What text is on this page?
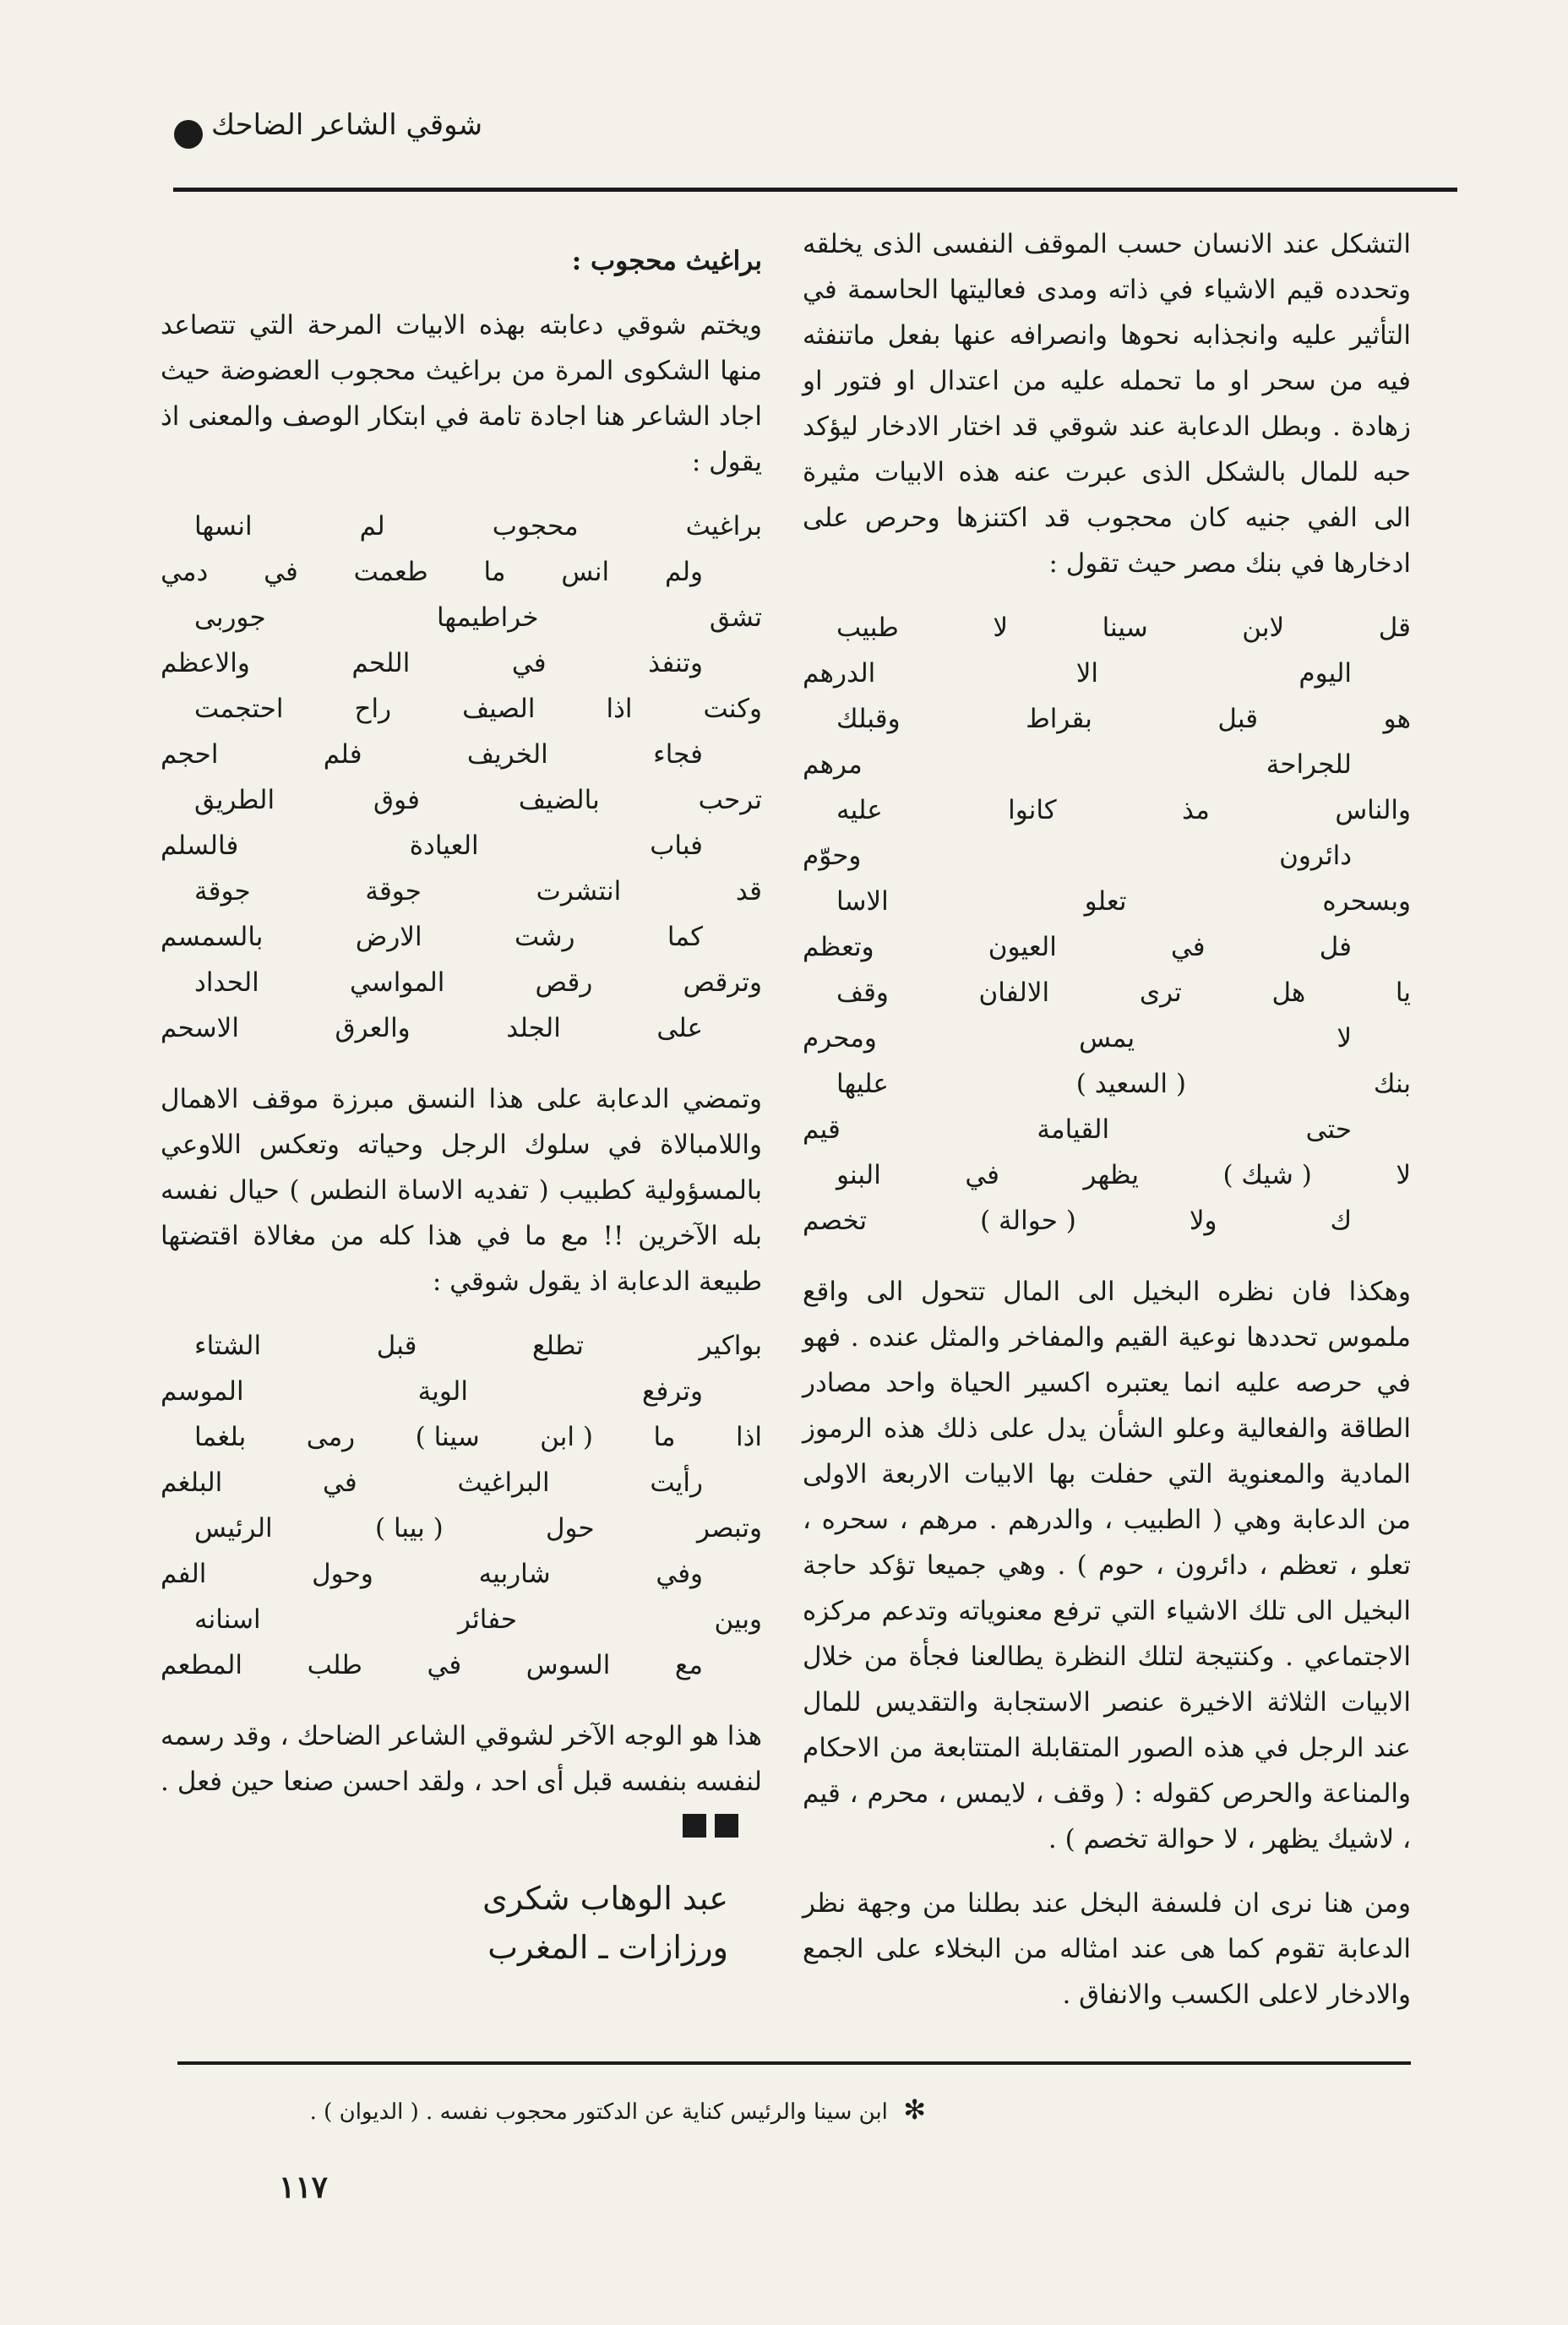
شوقي الشاعر الضاحك

التشكل عند الانسان حسب الموقف النفسى الذى يخلقه وتحدده قيم الاشياء في ذاته ومدى فعاليتها الحاسمة في التأثير عليه وانجذابه نحوها وانصرافه عنها بفعل ماتنفثه فيه من سحر او ما تحمله عليه من اعتدال او فتور او زهادة . وبطل الدعابة عند شوقي قد اختار الادخار ليؤكد حبه للمال بالشكل الذى عبرت عنه هذه الابيات مثيرة الى الفي جنيه كان محجوب قد اكتنزها وحرص على ادخارها في بنك مصر حيث تقول :

قل
لابن
سينا
لا
طبيب
اليوم
الا
الدرهم
هو
قبل
بقراط
وقبلك
للجراحة
مرهم
والناس
مذ
كانوا
عليه
دائرون
وحوّم
وبسحره
تعلو
الاسا
فل
في
العيون
وتعظم
يا
هل
ترى
الالفان
وقف
لا
يمس
ومحرم
بنك
( السعيد )
عليها
حتى
القيامة
قيم
لا
( شيك )
يظهر
في
البنو
ك
ولا
( حوالة )
تخصم

وهكذا فان نظره البخيل الى المال تتحول الى واقع ملموس تحددها نوعية القيم والمفاخر والمثل عنده . فهو في حرصه عليه انما يعتبره اكسير الحياة واحد مصادر الطاقة والفعالية وعلو الشأن يدل على ذلك هذه الرموز المادية والمعنوية التي حفلت بها الابيات الاربعة الاولى من الدعابة وهي ( الطبيب ، والدرهم . مرهم ، سحره ، تعلو ، تعظم ، دائرون ، حوم ) . وهي جميعا تؤكد حاجة البخيل الى تلك الاشياء التي ترفع معنوياته وتدعم مركزه الاجتماعي . وكنتيجة لتلك النظرة يطالعنا فجأة من خلال الابيات الثلاثة الاخيرة عنصر الاستجابة والتقديس للمال عند الرجل في هذه الصور المتقابلة المتتابعة من الاحكام والمناعة والحرص كقوله : ( وقف ، لايمس ، محرم ، قيم ، لاشيك يظهر ، لا حوالة تخصم ) .

ومن هنا نرى ان فلسفة البخل عند بطلنا من وجهة نظر الدعابة تقوم كما هى عند امثاله من البخلاء على الجمع والادخار لاعلى الكسب والانفاق .

براغيث محجوب :

ويختم شوقي دعابته بهذه الابيات المرحة التي تتصاعد منها الشكوى المرة من براغيث محجوب العضوضة حيث اجاد الشاعر هنا اجادة تامة في ابتكار الوصف والمعنى اذ يقول :

براغيث
محجوب
لم
انسها
ولم
انس
ما
طعمت
في
دمي
تشق
خراطيمها
جوربى
وتنفذ
في
اللحم
والاعظم
وكنت
اذا
الصيف
راح
احتجمت
فجاء
الخريف
فلم
احجم
ترحب
بالضيف
فوق
الطريق
فباب
العيادة
فالسلم
قد
انتشرت
جوقة
جوقة
كما
رشت
الارض
بالسمسم
وترقص
رقص
المواسي
الحداد
على
الجلد
والعرق
الاسحم

وتمضي الدعابة على هذا النسق مبرزة موقف الاهمال واللامبالاة في سلوك الرجل وحياته وتعكس اللاوعي بالمسؤولية كطبيب ( تفديه الاساة النطس ) حيال نفسه بله الآخرين !! مع ما في هذا كله من مغالاة اقتضتها طبيعة الدعابة اذ يقول شوقي :

بواكير
تطلع
قبل
الشتاء
وترفع
الوية
الموسم
اذا
ما
( ابن
سينا )
رمى
بلغما
رأيت
البراغيث
في
البلغم
وتبصر
حول
( بيبا )
الرئيس
وفي
شاربيه
وحول
الفم
وبين
حفائر
اسنانه
مع
السوس
في
طلب
المطعم

هذا هو الوجه الآخر لشوقي الشاعر الضاحك ، وقد رسمه لنفسه بنفسه قبل أى احد ، ولقد احسن صنعا حين فعل .

عبد الوهاب شكرى
ورزازات ـ المغرب
✻ ابن سينا والرئيس كناية عن الدكتور محجوب نفسه . ( الديوان ) .
١١٧
